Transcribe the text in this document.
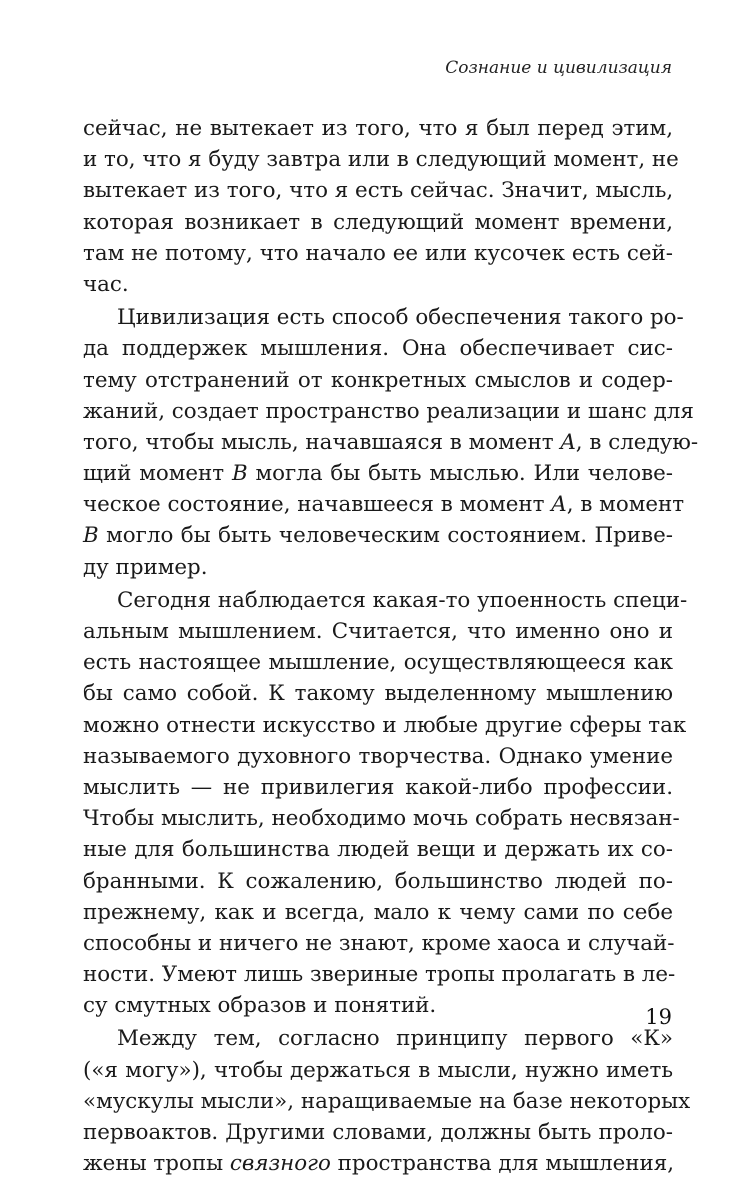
Сознание и цивилизация
сейчас, не вытекает из того, что я был перед этим,
и то, что я буду завтра или в следующий момент, не
вытекает из того, что я есть сейчас. Значит, мысль,
которая возникает в следующий момент времени,
там не потому, что начало ее или кусочек есть сей-
час.
Цивилизация есть способ обеспечения такого ро-
да поддержек мышления. Она обеспечивает сис-
тему отстранений от конкретных смыслов и содер-
жаний, создает пространство реализации и шанс для
того, чтобы мысль, начавшаяся в момент A, в следую-
щий момент B могла бы быть мыслью. Или челове-
ческое состояние, начавшееся в момент A, в момент
B могло бы быть человеческим состоянием. Приве-
ду пример.
Сегодня наблюдается какая-то упоенность специ-
альным мышлением. Считается, что именно оно и
есть настоящее мышление, осуществляющееся как
бы само собой. К такому выделенному мышлению
можно отнести искусство и любые другие сферы так
называемого духовного творчества. Однако умение
мыслить — не привилегия какой-либо профессии.
Чтобы мыслить, необходимо мочь собрать несвязан-
ные для большинства людей вещи и держать их со-
бранными. К сожалению, большинство людей по-
прежнему, как и всегда, мало к чему сами по себе
способны и ничего не знают, кроме хаоса и случай-
ности. Умеют лишь звериные тропы пролагать в ле-
су смутных образов и понятий.
Между тем, согласно принципу первого «К»
(«я могу»), чтобы держаться в мысли, нужно иметь
«мускулы мысли», наращиваемые на базе некоторых
первоактов. Другими словами, должны быть проло-
жены тропы связного пространства для мышления,
19
